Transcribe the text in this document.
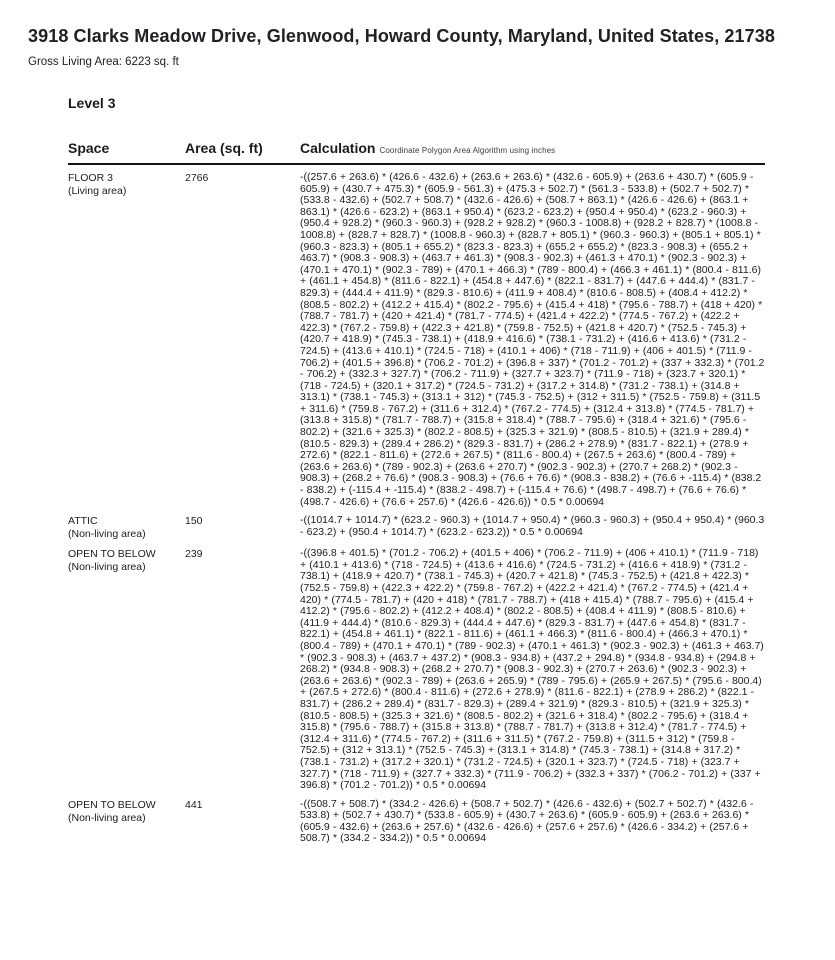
3918 Clarks Meadow Drive, Glenwood, Howard County, Maryland, United States, 21738
Gross Living Area: 6223 sq. ft
Level 3
Space	Area (sq. ft)	Calculation Coordinate Polygon Area Algorithm using inches
FLOOR 3
(Living area)
2766	-((257.6 + 263.6) * (426.6 - 432.6) + (263.6 + 263.6) * (432.6 - 605.9) + (263.6 + 430.7) * (605.9 - 605.9) + (430.7 + 475.3) * (605.9 - 561.3) + (475.3 + 502.7) * (561.3 - 533.8) + (502.7 + 502.7) * (533.8 - 432.6) + (502.7 + 508.7) * (432.6 - 426.6) + (508.7 + 863.1) * (426.6 - 426.6) + (863.1 + 863.1) * (426.6 - 623.2) + (863.1 + 950.4) * (623.2 - 623.2) + (950.4 + 950.4) * (623.2 - 960.3) + (950.4 + 928.2) * (960.3 - 960.3) + (928.2 + 928.2) * (960.3 - 1008.8) + (928.2 + 828.7) * (1008.8 - 1008.8) + (828.7 + 828.7) * (1008.8 - 960.3) + (828.7 + 805.1) * (960.3 - 960.3) + (805.1 + 805.1) * (960.3 - 823.3) + (805.1 + 655.2) * (823.3 - 823.3) + (655.2 + 655.2) * (823.3 - 908.3) + (655.2 + 463.7) * (908.3 - 908.3) + (463.7 + 461.3) * (908.3 - 902.3) + (461.3 + 470.1) * (902.3 - 902.3) + (470.1 + 470.1) * (902.3 - 789) + (470.1 + 466.3) * (789 - 800.4) + (466.3 + 461.1) * (800.4 - 811.6) + (461.1 + 454.8) * (811.6 - 822.1) + (454.8 + 447.6) * (822.1 - 831.7) + (447.6 + 444.4) * (831.7 - 829.3) + (444.4 + 411.9) * (829.3 - 810.6) + (411.9 + 408.4) * (810.6 - 808.5) + (408.4 + 412.2) * (808.5 - 802.2) + (412.2 + 415.4) * (802.2 - 795.6) + (415.4 + 418) * (795.6 - 788.7) + (418 + 420) * (788.7 - 781.7) + (420 + 421.4) * (781.7 - 774.5) + (421.4 + 422.2) * (774.5 - 767.2) + (422.2 + 422.3) * (767.2 - 759.8) + (422.3 + 421.8) * (759.8 - 752.5) + (421.8 + 420.7) * (752.5 - 745.3) + (420.7 + 418.9) * (745.3 - 738.1) + (418.9 + 416.6) * (738.1 - 731.2) + (416.6 + 413.6) * (731.2 - 724.5) + (413.6 + 410.1) * (724.5 - 718) + (410.1 + 406) * (718 - 711.9) + (406 + 401.5) * (711.9 - 706.2) + (401.5 + 396.8) * (706.2 - 701.2) + (396.8 + 337) * (701.2 - 701.2) + (337 + 332.3) * (701.2 - 706.2) + (332.3 + 327.7) * (706.2 - 711.9) + (327.7 + 323.7) * (711.9 - 718) + (323.7 + 320.1) * (718 - 724.5) + (320.1 + 317.2) * (724.5 - 731.2) + (317.2 + 314.8) * (731.2 - 738.1) + (314.8 + 313.1) * (738.1 - 745.3) + (313.1 + 312) * (745.3 - 752.5) + (312 + 311.5) * (752.5 - 759.8) + (311.5 + 311.6) * (759.8 - 767.2) + (311.6 + 312.4) * (767.2 - 774.5) + (312.4 + 313.8) * (774.5 - 781.7) + (313.8 + 315.8) * (781.7 - 788.7) + (315.8 + 318.4) * (788.7 - 795.6) + (318.4 + 321.6) * (795.6 - 802.2) + (321.6 + 325.3) * (802.2 - 808.5) + (325.3 + 321.9) * (808.5 - 810.5) + (321.9 + 289.4) * (810.5 - 829.3) + (289.4 + 286.2) * (829.3 - 831.7) + (286.2 + 278.9) * (831.7 - 822.1) + (278.9 + 272.6) * (822.1 - 811.6) + (272.6 + 267.5) * (811.6 - 800.4) + (267.5 + 263.6) * (800.4 - 789) + (263.6 + 263.6) * (789 - 902.3) + (263.6 + 270.7) * (902.3 - 902.3) + (270.7 + 268.2) * (902.3 - 908.3) + (268.2 + 76.6) * (908.3 - 908.3) + (76.6 + 76.6) * (908.3 - 838.2) + (76.6 + -115.4) * (838.2 - 838.2) + (-115.4 + -115.4) * (838.2 - 498.7) + (-115.4 + 76.6) * (498.7 - 498.7) + (76.6 + 76.6) * (498.7 - 426.6) + (76.6 + 257.6) * (426.6 - 426.6)) * 0.5 * 0.00694
ATTIC
(Non-living area)
150	-((1014.7 + 1014.7) * (623.2 - 960.3) + (1014.7 + 950.4) * (960.3 - 960.3) + (950.4 + 950.4) * (960.3 - 623.2) + (950.4 + 1014.7) * (623.2 - 623.2)) * 0.5 * 0.00694
OPEN TO BELOW
(Non-living area)
239	-((396.8 + 401.5) * (701.2 - 706.2) + (401.5 + 406) * (706.2 - 711.9) + (406 + 410.1) * (711.9 - 718) + (410.1 + 413.6) * (718 - 724.5) + (413.6 + 416.6) * (724.5 - 731.2) + (416.6 + 418.9) * (731.2 - 738.1) + (418.9 + 420.7) * (738.1 - 745.3) + (420.7 + 421.8) * (745.3 - 752.5) + (421.8 + 422.3) * (752.5 - 759.8) + (422.3 + 422.2) * (759.8 - 767.2) + (422.2 + 421.4) * (767.2 - 774.5) + (421.4 + 420) * (774.5 - 781.7) + (420 + 418) * (781.7 - 788.7) + (418 + 415.4) * (788.7 - 795.6) + (415.4 + 412.2) * (795.6 - 802.2) + (412.2 + 408.4) * (802.2 - 808.5) + (408.4 + 411.9) * (808.5 - 810.6) + (411.9 + 444.4) * (810.6 - 829.3) + (444.4 + 447.6) * (829.3 - 831.7) + (447.6 + 454.8) * (831.7 - 822.1) + (454.8 + 461.1) * (822.1 - 811.6) + (461.1 + 466.3) * (811.6 - 800.4) + (466.3 + 470.1) * (800.4 - 789) + (470.1 + 470.1) * (789 - 902.3) + (470.1 + 461.3) * (902.3 - 902.3) + (461.3 + 463.7) * (902.3 - 908.3) + (463.7 + 437.2) * (908.3 - 934.8) + (437.2 + 294.8) * (934.8 - 934.8) + (294.8 + 268.2) * (934.8 - 908.3) + (268.2 + 270.7) * (908.3 - 902.3) + (270.7 + 263.6) * (902.3 - 902.3) + (263.6 + 263.6) * (902.3 - 789) + (263.6 + 265.9) * (789 - 795.6) + (265.9 + 267.5) * (795.6 - 800.4) + (267.5 + 272.6) * (800.4 - 811.6) + (272.6 + 278.9) * (811.6 - 822.1) + (278.9 + 286.2) * (822.1 - 831.7) + (286.2 + 289.4) * (831.7 - 829.3) + (289.4 + 321.9) * (829.3 - 810.5) + (321.9 + 325.3) * (810.5 - 808.5) + (325.3 + 321.6) * (808.5 - 802.2) + (321.6 + 318.4) * (802.2 - 795.6) + (318.4 + 315.8) * (795.6 - 788.7) + (315.8 + 313.8) * (788.7 - 781.7) + (313.8 + 312.4) * (781.7 - 774.5) + (312.4 + 311.6) * (774.5 - 767.2) + (311.6 + 311.5) * (767.2 - 759.8) + (311.5 + 312) * (759.8 - 752.5) + (312 + 313.1) * (752.5 - 745.3) + (313.1 + 314.8) * (745.3 - 738.1) + (314.8 + 317.2) * (738.1 - 731.2) + (317.2 + 320.1) * (731.2 - 724.5) + (320.1 + 323.7) * (724.5 - 718) + (323.7 + 327.7) * (718 - 711.9) + (327.7 + 332.3) * (711.9 - 706.2) + (332.3 + 337) * (706.2 - 701.2) + (337 + 396.8) * (701.2 - 701.2)) * 0.5 * 0.00694
OPEN TO BELOW
(Non-living area)
441	-((508.7 + 508.7) * (334.2 - 426.6) + (508.7 + 502.7) * (426.6 - 432.6) + (502.7 + 502.7) * (432.6 - 533.8) + (502.7 + 430.7) * (533.8 - 605.9) + (430.7 + 263.6) * (605.9 - 605.9) + (263.6 + 263.6) * (605.9 - 432.6) + (263.6 + 257.6) * (432.6 - 426.6) + (257.6 + 257.6) * (426.6 - 334.2) + (257.6 + 508.7) * (334.2 - 334.2)) * 0.5 * 0.00694
